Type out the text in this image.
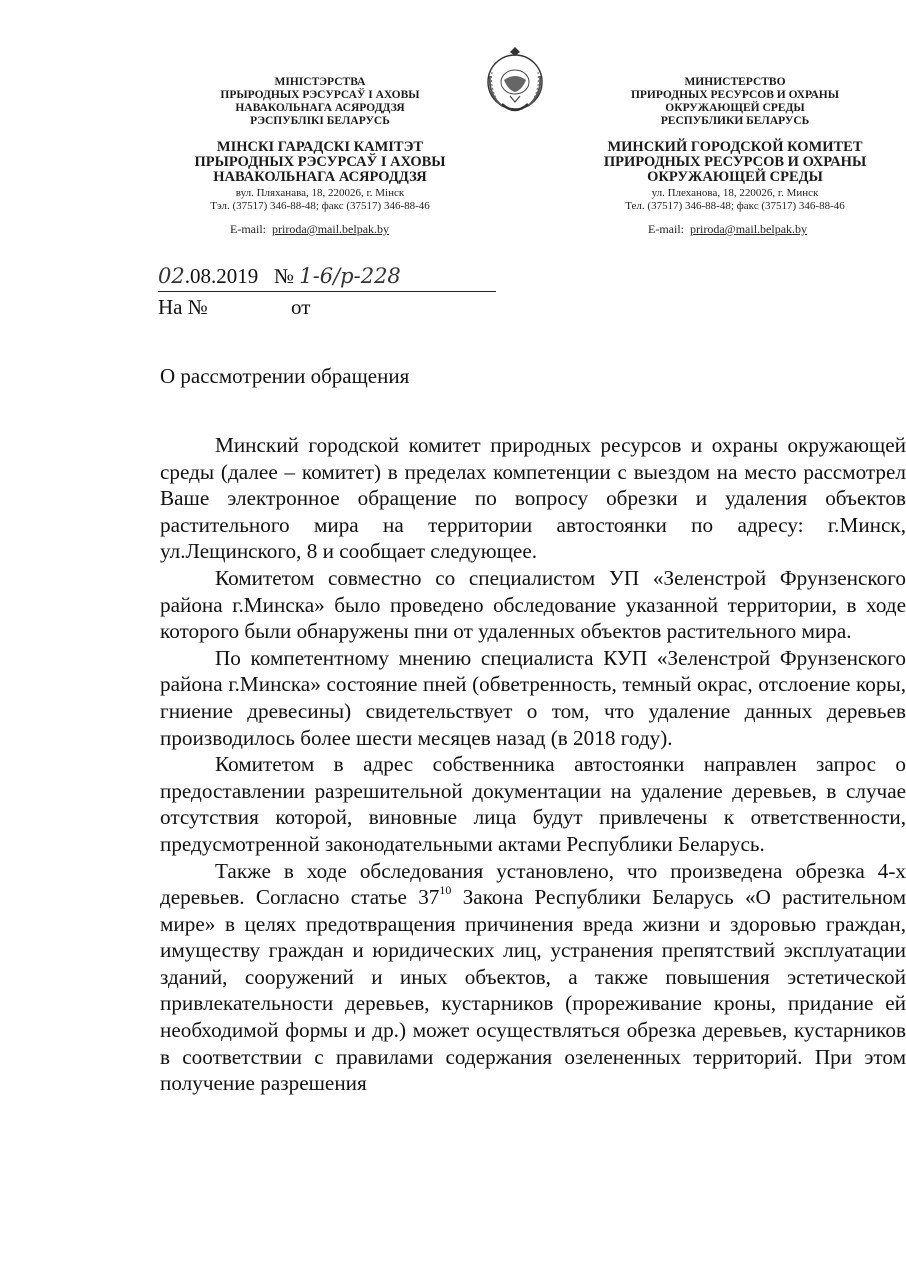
МІНІСТЭРСТВА
ПРЫРОДНЫХ РЭСУРСАЎ І АХОВЫ
НАВАКОЛЬНАГА АСЯРОДДЗЯ
РЭСПУБЛІКІ БЕЛАРУСЬ
МІНСКІ ГАРАДСКІ КАМІТЭТ
ПРЫРОДНЫХ РЭСУРСАЎ І АХОВЫ
НАВАКОЛЬНАГА АСЯРОДДЗЯ
вул. Пляханава, 18, 220026, г. Мінск
Тэл. (37517) 346-88-48; факс (37517) 346-88-46
E-mail: priroda@mail.belpak.by
МИНИСТЕРСТВО
ПРИРОДНЫХ РЕСУРСОВ И ОХРАНЫ
ОКРУЖАЮЩЕЙ СРЕДЫ
РЕСПУБЛИКИ БЕЛАРУСЬ
МИНСКИЙ ГОРОДСКОЙ КОМИТЕТ
ПРИРОДНЫХ РЕСУРСОВ И ОХРАНЫ
ОКРУЖАЮЩЕЙ СРЕДЫ
ул. Плеханова, 18, 220026, г. Минск
Тел. (37517) 346-88-48; факс (37517) 346-88-46
E-mail: priroda@mail.belpak.by
02.08.2019 № 1-6/р-228
На №	от
О рассмотрении обращения

Минский городской комитет природных ресурсов и охраны окружающей среды (далее – комитет) в пределах компетенции с выездом на место рассмотрел Ваше электронное обращение по вопросу обрезки и удаления объектов растительного мира на территории автостоянки по адресу: г.Минск, ул.Лещинского, 8 и сообщает следующее.

Комитетом совместно со специалистом УП «Зеленстрой Фрунзенского района г.Минска» было проведено обследование указанной территории, в ходе которого были обнаружены пни от удаленных объектов растительного мира.

По компетентному мнению специалиста КУП «Зеленстрой Фрунзенского района г.Минска» состояние пней (обветренность, темный окрас, отслоение коры, гниение древесины) свидетельствует о том, что удаление данных деревьев производилось более шести месяцев назад (в 2018 году).

Комитетом в адрес собственника автостоянки направлен запрос о предоставлении разрешительной документации на удаление деревьев, в случае отсутствия которой, виновные лица будут привлечены к ответственности, предусмотренной законодательными актами Республики Беларусь.

Также в ходе обследования установлено, что произведена обрезка 4-х деревьев. Согласно статье $37^{10}$ Закона Республики Беларусь «О растительном мире» в целях предотвращения причинения вреда жизни и здоровью граждан, имуществу граждан и юридических лиц, устранения препятствий эксплуатации зданий, сооружений и иных объектов, а также повышения эстетической привлекательности деревьев, кустарников (прореживание кроны, придание ей необходимой формы и др.) может осуществляться обрезка деревьев, кустарников в соответствии с правилами содержания озелененных территорий. При этом получение разрешения
